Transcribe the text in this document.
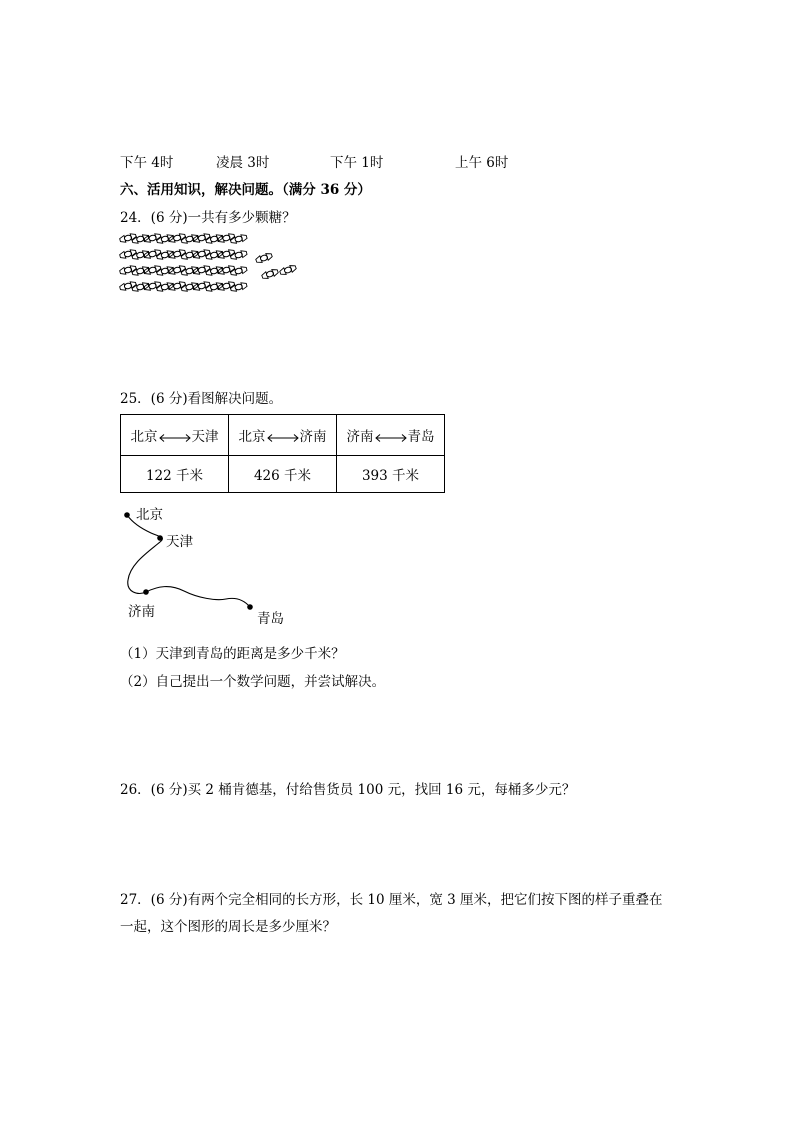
下午 4时	凌晨 3时	下午 1时	上午 6时
六、活用知识，解决问题。（满分 36 分）
24．(6 分)一共有多少颗糖？
25．(6 分)看图解决问题。
北京 天津	北京 济南	济南 青岛
122 千米	426 千米	393 千米
北京
天津
济南	青岛
（1）天津到青岛的距离是多少千米？
（2）自己提出一个数学问题，并尝试解决。
26．(6 分)买 2 桶肯德基，付给售货员 100 元，找回 16 元，每桶多少元？
27．(6 分)有两个完全相同的长方形，长 10 厘米，宽 3 厘米，把它们按下图的样子重叠在
一起，这个图形的周长是多少厘米？
